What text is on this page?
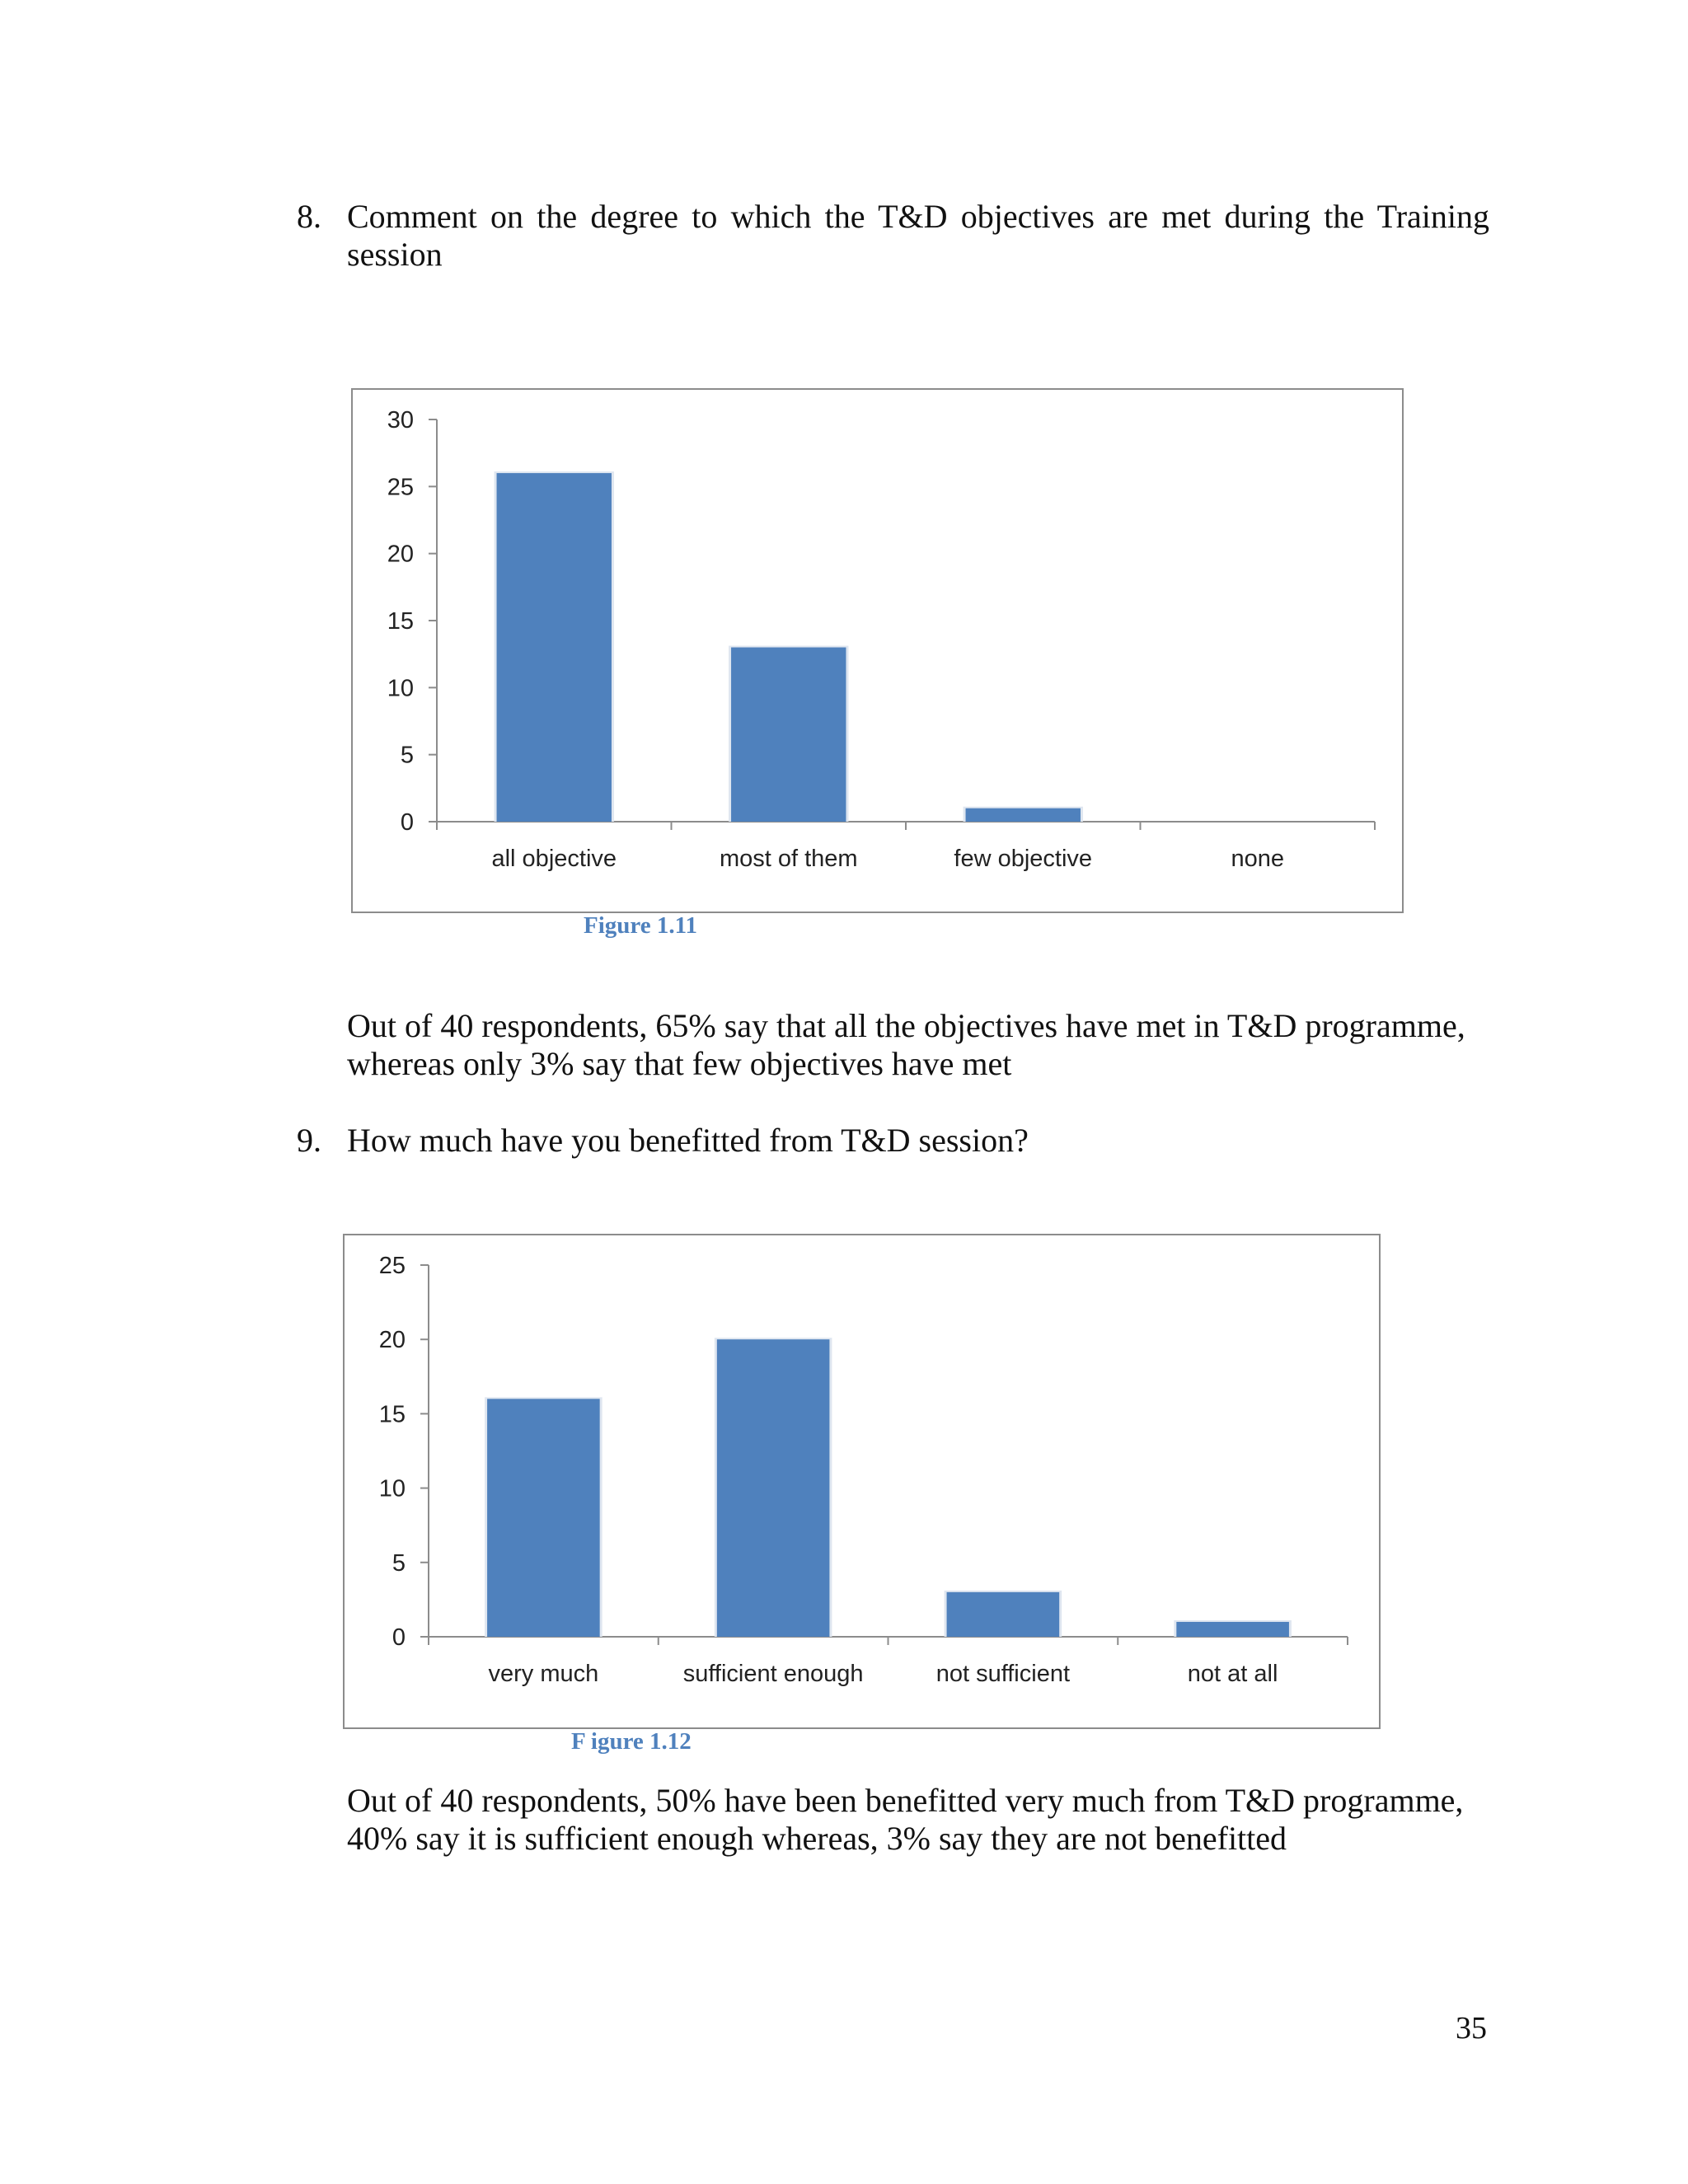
8. Comment on the degree to which the T&D objectives are met during the Training
session
0
5
10
15
20
25
30
all objective	most of them	few objective	none
Figure 1.11
Out of 40 respondents, 65% say that all the objectives have met in T&D programme,
whereas only 3% say that few objectives have met
9. How much have you benefitted from T&D session?
0
5
10
15
20
25
very much	sufficient enough	not sufficient	not at all
F igure 1.12
Out of 40 respondents, 50% have been benefitted very much from T&D programme,
40% say it is sufficient enough whereas, 3% say they are not benefitted
35
